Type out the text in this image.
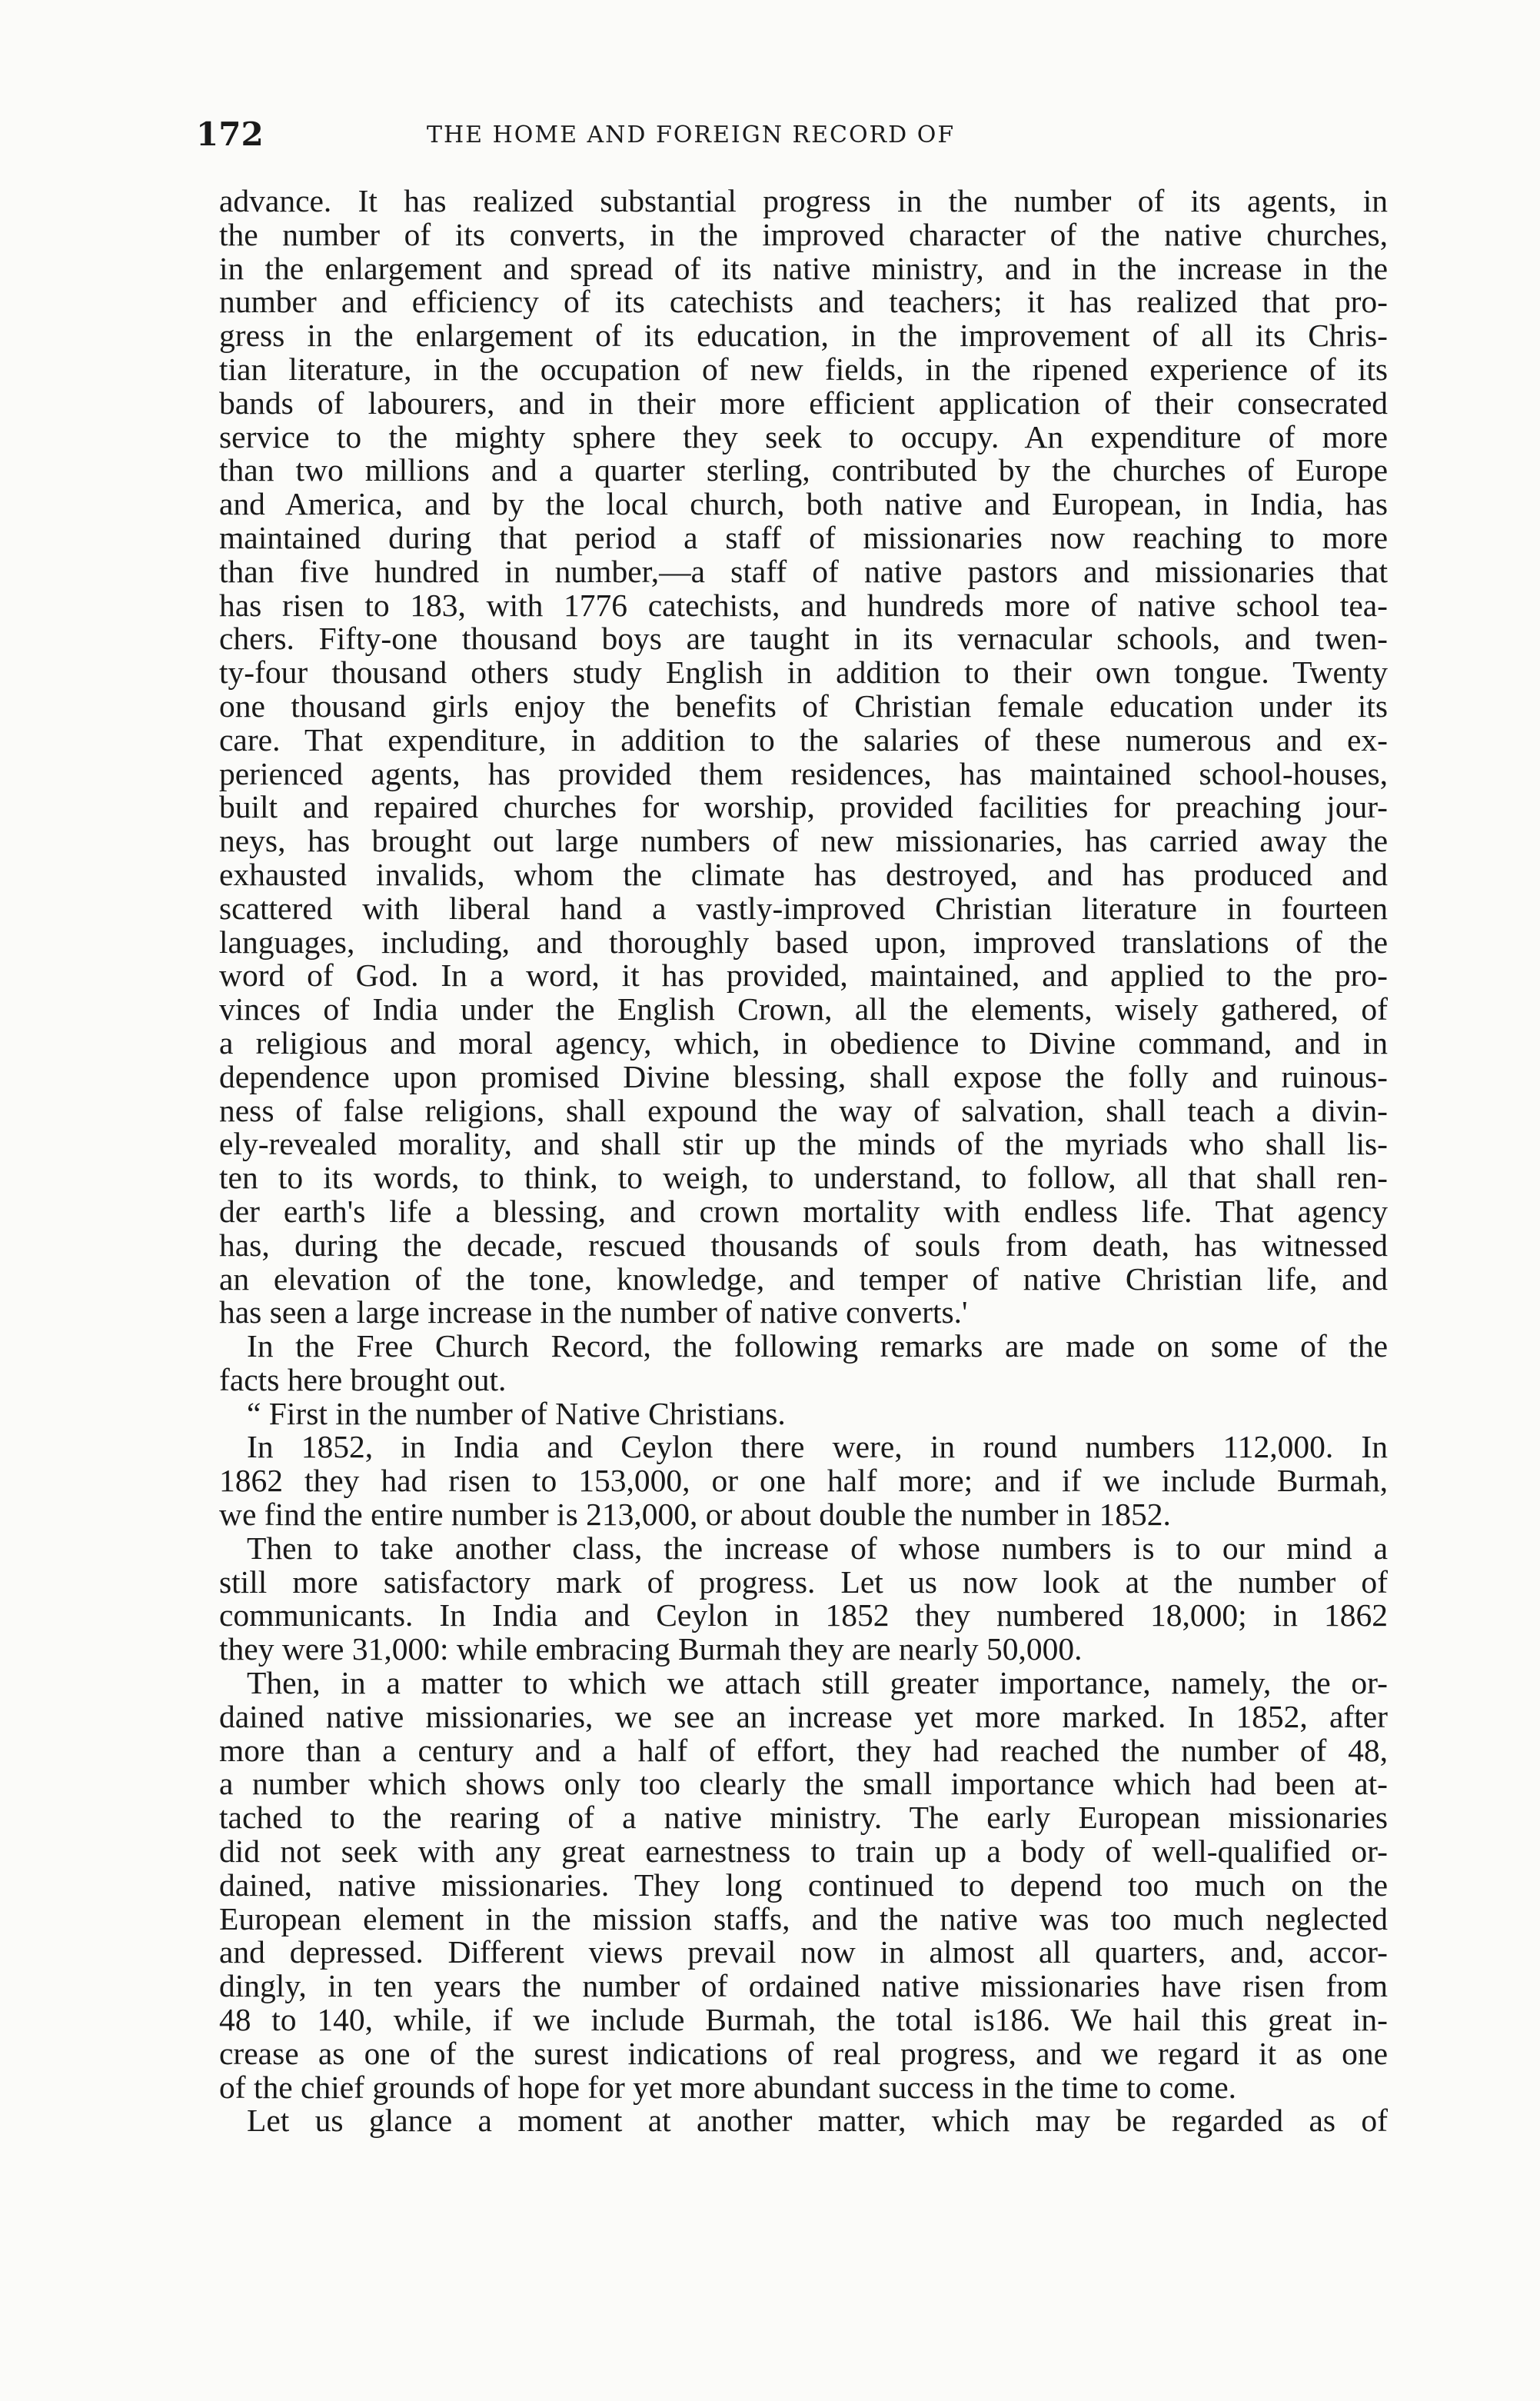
172	THE HOME AND FOREIGN RECORD OF
advance. It has realized substantial progress in the number of its agents, in
the number of its converts, in the improved character of the native churches,
in the enlargement and spread of its native ministry, and in the increase in the
number and efficiency of its catechists and teachers; it has realized that pro-
gress in the enlargement of its education, in the improvement of all its Chris-
tian literature, in the occupation of new fields, in the ripened experience of its
bands of labourers, and in their more efficient application of their consecrated
service to the mighty sphere they seek to occupy. An expenditure of more
than two millions and a quarter sterling, contributed by the churches of Europe
and America, and by the local church, both native and European, in India, has
maintained during that period a staff of missionaries now reaching to more
than five hundred in number,—a staff of native pastors and missionaries that
has risen to 183, with 1776 catechists, and hundreds more of native school tea-
chers. Fifty-one thousand boys are taught in its vernacular schools, and twen-
ty-four thousand others study English in addition to their own tongue. Twenty
one thousand girls enjoy the benefits of Christian female education under its
care. That expenditure, in addition to the salaries of these numerous and ex-
perienced agents, has provided them residences, has maintained school-houses,
built and repaired churches for worship, provided facilities for preaching jour-
neys, has brought out large numbers of new missionaries, has carried away the
exhausted invalids, whom the climate has destroyed, and has produced and
scattered with liberal hand a vastly-improved Christian literature in fourteen
languages, including, and thoroughly based upon, improved translations of the
word of God. In a word, it has provided, maintained, and applied to the pro-
vinces of India under the English Crown, all the elements, wisely gathered, of
a religious and moral agency, which, in obedience to Divine command, and in
dependence upon promised Divine blessing, shall expose the folly and ruinous-
ness of false religions, shall expound the way of salvation, shall teach a divin-
ely-revealed morality, and shall stir up the minds of the myriads who shall lis-
ten to its words, to think, to weigh, to understand, to follow, all that shall ren-
der earth's life a blessing, and crown mortality with endless life. That agency
has, during the decade, rescued thousands of souls from death, has witnessed
an elevation of the tone, knowledge, and temper of native Christian life, and
has seen a large increase in the number of native converts.'
In the Free Church Record, the following remarks are made on some of the
facts here brought out.
“ First in the number of Native Christians.
In 1852, in India and Ceylon there were, in round numbers 112,000. In
1862 they had risen to 153,000, or one half more; and if we include Burmah,
we find the entire number is 213,000, or about double the number in 1852.
Then to take another class, the increase of whose numbers is to our mind a
still more satisfactory mark of progress. Let us now look at the number of
communicants. In India and Ceylon in 1852 they numbered 18,000; in 1862
they were 31,000: while embracing Burmah they are nearly 50,000.
Then, in a matter to which we attach still greater importance, namely, the or-
dained native missionaries, we see an increase yet more marked. In 1852, after
more than a century and a half of effort, they had reached the number of 48,
a number which shows only too clearly the small importance which had been at-
tached to the rearing of a native ministry. The early European missionaries
did not seek with any great earnestness to train up a body of well-qualified or-
dained, native missionaries. They long continued to depend too much on the
European element in the mission staffs, and the native was too much neglected
and depressed. Different views prevail now in almost all quarters, and, accor-
dingly, in ten years the number of ordained native missionaries have risen from
48 to 140, while, if we include Burmah, the total is186. We hail this great in-
crease as one of the surest indications of real progress, and we regard it as one
of the chief grounds of hope for yet more abundant success in the time to come.
Let us glance a moment at another matter, which may be regarded as of
